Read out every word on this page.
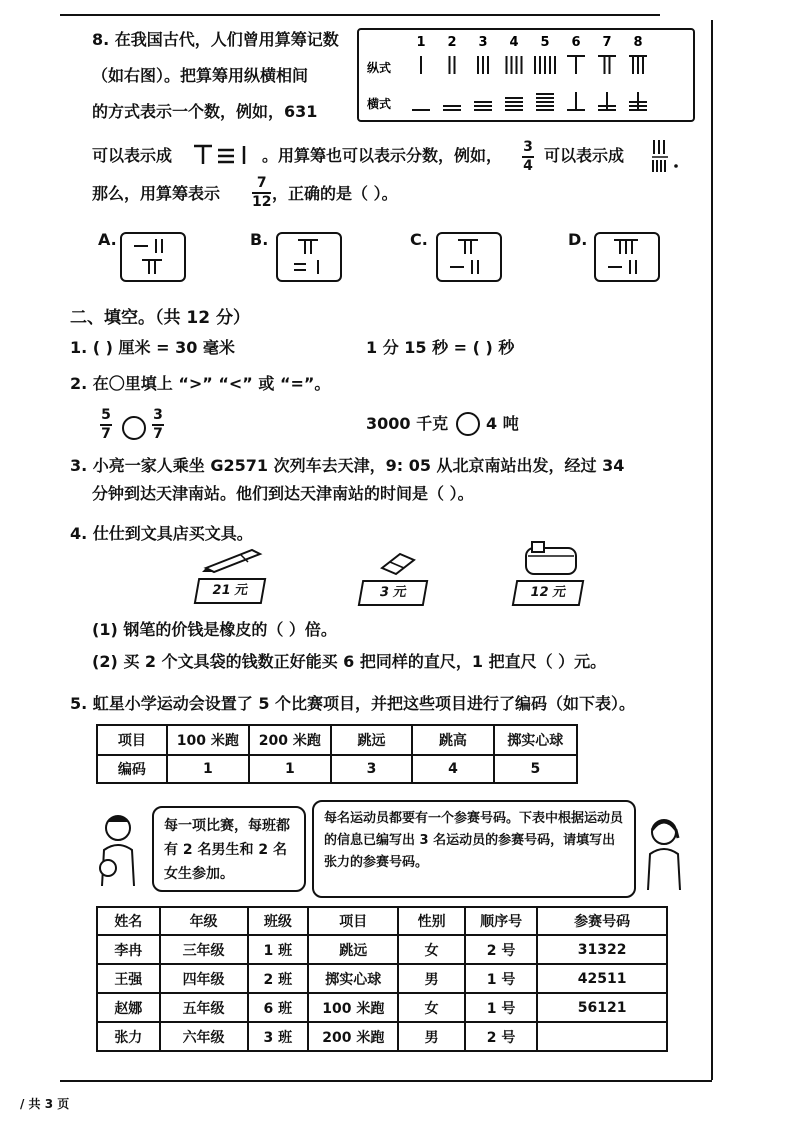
8. 在我国古代，人们曾用算筹记数
（如右图）。把算筹用纵横相间
的方式表示一个数，例如，631
1 2 3 4 5 6 7 8
纵式
横式
可以表示成	。用算筹也可以表示分数，例如， 3
4
可以表示成
那么，用算筹表示
7
12 ，正确的是（ ）。
A.	B.	C.	D.
二、填空。（共 12 分）
1. ( ) 厘米 = 30 毫米	1 分 15 秒 = ( ) 秒
2. 在〇里填上 “>” “<” 或 “=”。
5
7
3
7
3000 千克 4 吨
3. 小亮一家人乘坐 G2571 次列车去天津，9: 05 从北京南站出发，经过 34
分钟到达天津南站。他们到达天津南站的时间是（ ）。
4. 仕仕到文具店买文具。
21 元	3 元	12 元
(1) 钢笔的价钱是橡皮的（ ）倍。
(2) 买 2 个文具袋的钱数正好能买 6 把同样的直尺，1 把直尺（ ）元。
5. 虹星小学运动会设置了 5 个比赛项目，并把这些项目进行了编码（如下表）。
项目	100 米跑	200 米跑	跳远	跳高	掷实心球
编码	1	1	3	4	5
每一项比赛，每班都有 2 名男生和 2 名女生参加。
每名运动员都要有一个参赛号码。下表中根据运动员的信息已编写出 3 名运动员的参赛号码，请填写出张力的参赛号码。
姓名	年级	班级	项目	性别	顺序号	参赛号码
李冉	三年级	1 班	跳远	女	2 号	31322
王强	四年级	2 班	掷实心球	男	1 号	42511
赵娜	五年级	6 班	100 米跑	女	1 号	56121
张力	六年级	3 班	200 米跑	男	2 号	
/ 共 3 页
